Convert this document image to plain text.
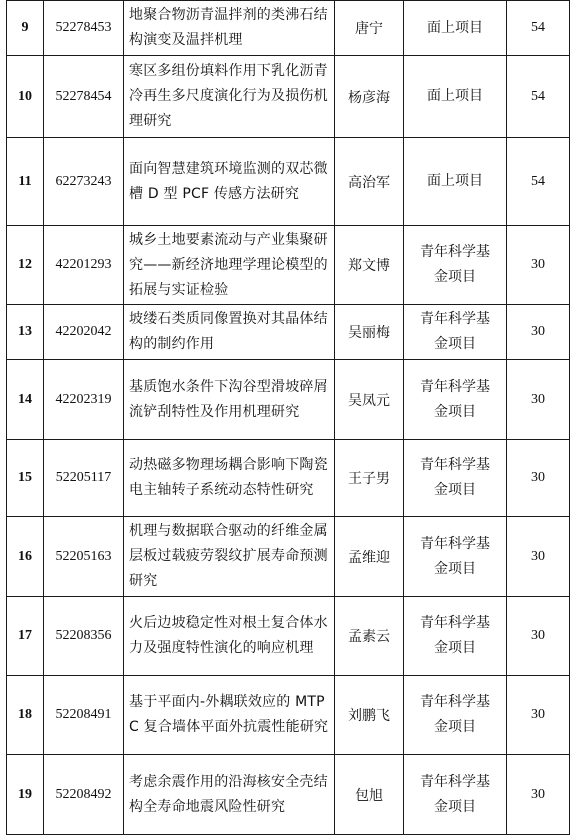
9	52278453	地聚合物沥青温拌剂的类沸石结构演变及温拌机理	唐宁	面上项目	54
10	52278454	寒区多组份填料作用下乳化沥青冷再生多尺度演化行为及损伤机理研究	杨彦海	面上项目	54
11	62273243	面向智慧建筑环境监测的双芯微槽 D 型 PCF 传感方法研究	高治军	面上项目	54
12	42201293	城乡土地要素流动与产业集聚研究——新经济地理学理论模型的拓展与实证检验	郑文博	青年科学基金项目	30
13	42202042	坡缕石类质同像置换对其晶体结构的制约作用	吴丽梅	青年科学基金项目	30
14	42202319	基质饱水条件下沟谷型滑坡碎屑流铲刮特性及作用机理研究	吴凤元	青年科学基金项目	30
15	52205117	动热磁多物理场耦合影响下陶瓷电主轴转子系统动态特性研究	王子男	青年科学基金项目	30
16	52205163	机理与数据联合驱动的纤维金属层板过载疲劳裂纹扩展寿命预测研究	孟维迎	青年科学基金项目	30
17	52208356	火后边坡稳定性对根土复合体水力及强度特性演化的响应机理	孟素云	青年科学基金项目	30
18	52208491	基于平面内-外耦联效应的 MTPC 复合墙体平面外抗震性能研究	刘鹏飞	青年科学基金项目	30
19	52208492	考虑余震作用的沿海核安全壳结构全寿命地震风险性研究	包旭	青年科学基金项目	30
